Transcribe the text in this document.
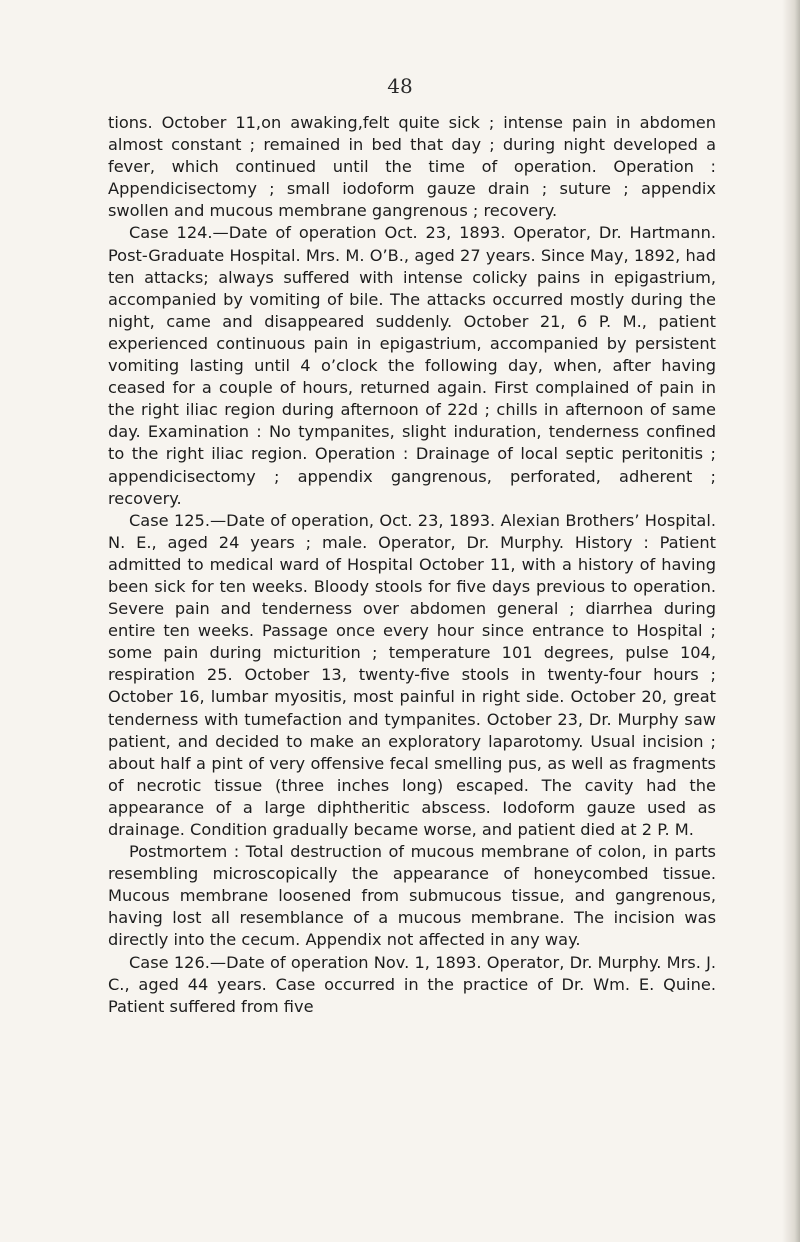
48

tions. October 11,on awaking,felt quite sick ; intense pain in abdomen almost constant ; remained in bed that day ; during night developed a fever, which continued until the time of operation. Operation : Appendicisectomy ; small iodoform gauze drain ; suture ; appendix swollen and mucous membrane gangrenous ; recovery.

Case 124.—Date of operation Oct. 23, 1893. Operator, Dr. Hartmann. Post-Graduate Hospital. Mrs. M. O’B., aged 27 years. Since May, 1892, had ten attacks; always suffered with intense colicky pains in epigastrium, accompanied by vomiting of bile. The attacks occurred mostly during the night, came and disappeared suddenly. October 21, 6 P. M., patient experienced continuous pain in epigastrium, accompanied by persistent vomiting lasting until 4 o’clock the following day, when, after having ceased for a couple of hours, returned again. First complained of pain in the right iliac region during afternoon of 22d ; chills in afternoon of same day. Examination : No tympanites, slight induration, tenderness confined to the right iliac region. Operation : Drainage of local septic peritonitis ; appendicisectomy ; appendix gangrenous, perforated, adherent ; recovery.

Case 125.—Date of operation, Oct. 23, 1893. Alexian Brothers’ Hospital. N. E., aged 24 years ; male. Operator, Dr. Murphy. History : Patient admitted to medical ward of Hospital October 11, with a history of having been sick for ten weeks. Bloody stools for five days previous to operation. Severe pain and tenderness over abdomen general ; diarrhea during entire ten weeks. Passage once every hour since entrance to Hospital ; some pain during micturition ; temperature 101 degrees, pulse 104, respiration 25. October 13, twenty-five stools in twenty-four hours ; October 16, lumbar myositis, most painful in right side. October 20, great tenderness with tumefaction and tympanites. October 23, Dr. Murphy saw patient, and decided to make an exploratory laparotomy. Usual incision ; about half a pint of very offensive fecal smelling pus, as well as fragments of necrotic tissue (three inches long) escaped. The cavity had the appearance of a large diphtheritic abscess. Iodoform gauze used as drainage. Condition gradually became worse, and patient died at 2 P. M.

Postmortem : Total destruction of mucous membrane of colon, in parts resembling microscopically the appearance of honeycombed tissue. Mucous membrane loosened from submucous tissue, and gangrenous, having lost all resemblance of a mucous membrane. The incision was directly into the cecum. Appendix not affected in any way.

Case 126.—Date of operation Nov. 1, 1893. Operator, Dr. Murphy. Mrs. J. C., aged 44 years. Case occurred in the practice of Dr. Wm. E. Quine. Patient suffered from five
